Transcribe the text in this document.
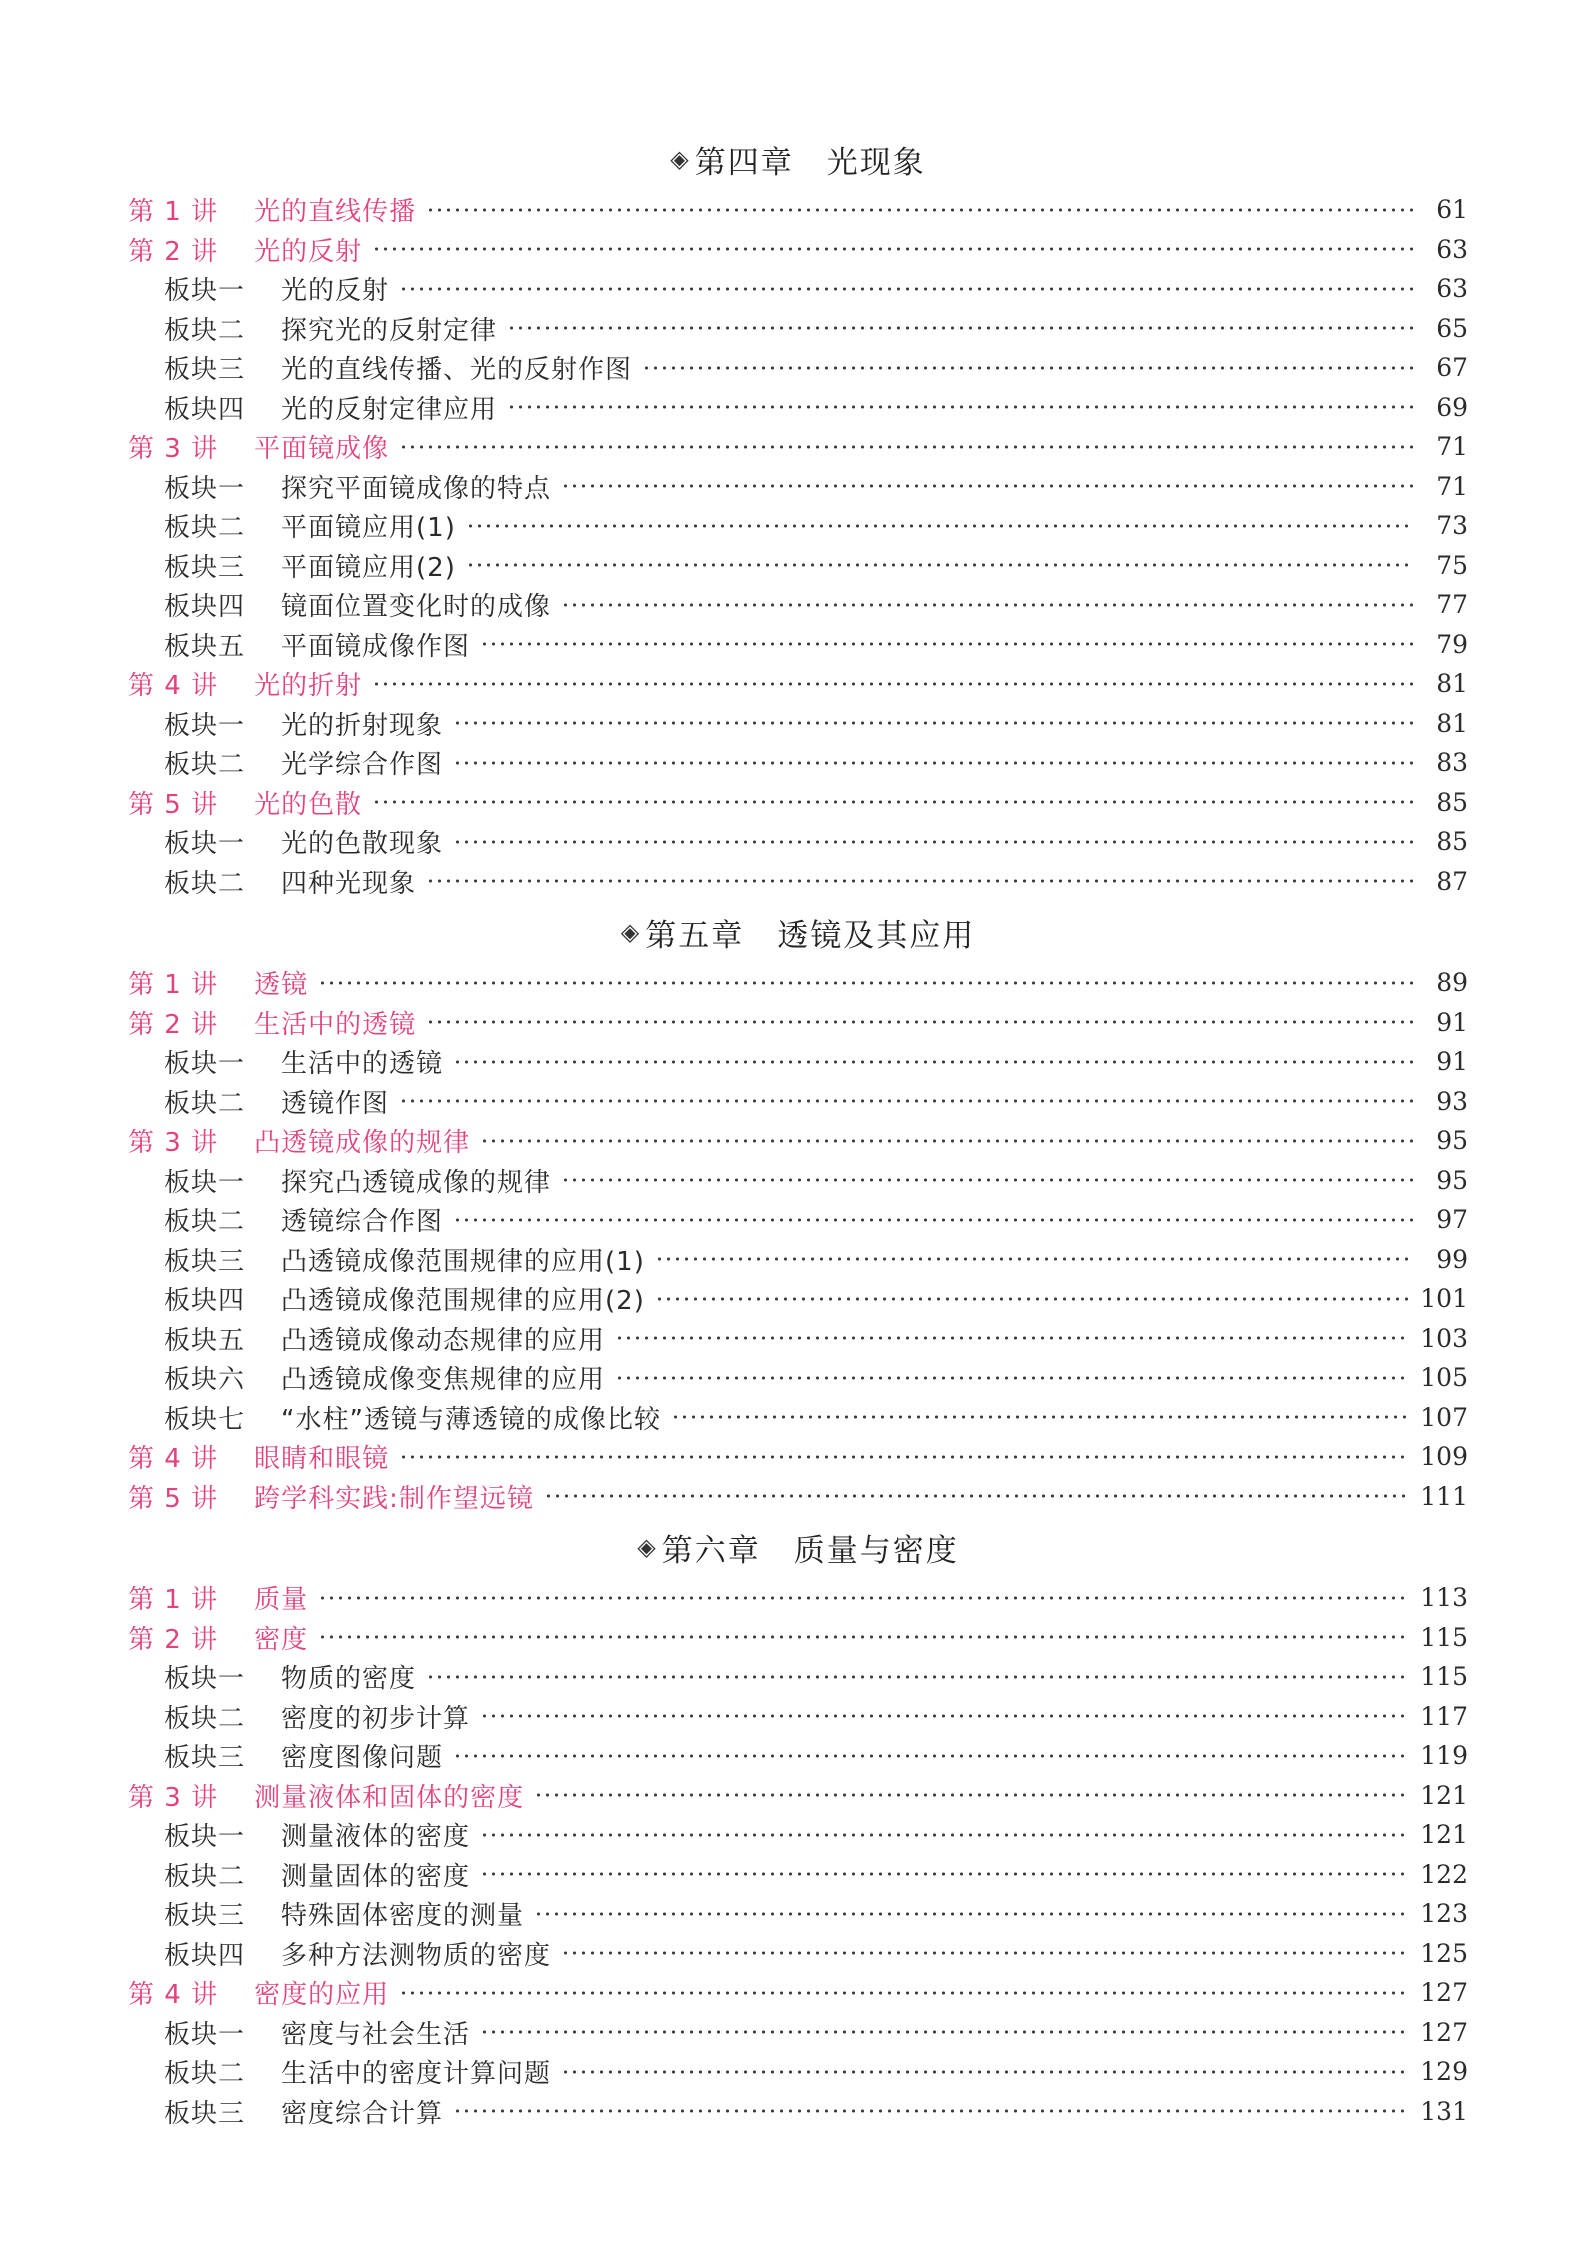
◈ 第四章　光现象
第 1 讲 光的直线传播	61
第 2 讲 光的反射	63
板块一 光的反射	63
板块二 探究光的反射定律	65
板块三 光的直线传播、光的反射作图	67
板块四 光的反射定律应用	69
第 3 讲 平面镜成像	71
板块一 探究平面镜成像的特点	71
板块二 平面镜应用(1)	73
板块三 平面镜应用(2)	75
板块四 镜面位置变化时的成像	77
板块五 平面镜成像作图	79
第 4 讲 光的折射	81
板块一 光的折射现象	81
板块二 光学综合作图	83
第 5 讲 光的色散	85
板块一 光的色散现象	85
板块二 四种光现象	87
◈ 第五章　透镜及其应用
第 1 讲 透镜	89
第 2 讲 生活中的透镜	91
板块一 生活中的透镜	91
板块二 透镜作图	93
第 3 讲 凸透镜成像的规律	95
板块一 探究凸透镜成像的规律	95
板块二 透镜综合作图	97
板块三 凸透镜成像范围规律的应用(1)	99
板块四 凸透镜成像范围规律的应用(2)	101
板块五 凸透镜成像动态规律的应用	103
板块六 凸透镜成像变焦规律的应用	105
板块七 “水柱”透镜与薄透镜的成像比较	107
第 4 讲 眼睛和眼镜	109
第 5 讲 跨学科实践:制作望远镜	111
◈ 第六章　质量与密度
第 1 讲 质量	113
第 2 讲 密度	115
板块一 物质的密度	115
板块二 密度的初步计算	117
板块三 密度图像问题	119
第 3 讲 测量液体和固体的密度	121
板块一 测量液体的密度	121
板块二 测量固体的密度	122
板块三 特殊固体密度的测量	123
板块四 多种方法测物质的密度	125
第 4 讲 密度的应用	127
板块一 密度与社会生活	127
板块二 生活中的密度计算问题	129
板块三 密度综合计算	131
